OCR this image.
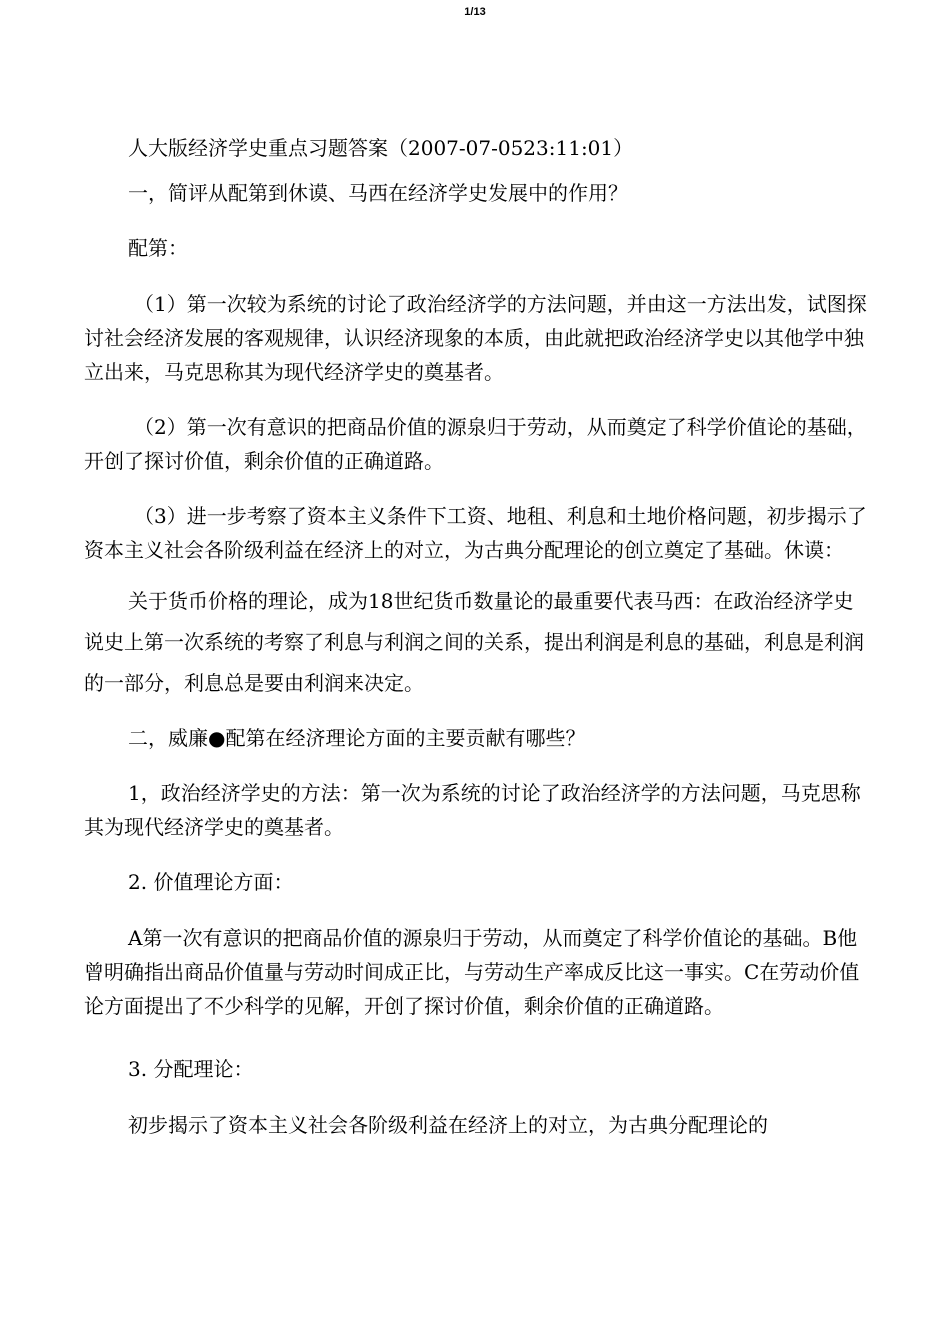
1/13

人大版经济学史重点习题答案（2007-07-0523:11:01）

一，简评从配第到休谟、马西在经济学史发展中的作用？

配第：

（1）第一次较为系统的讨论了政治经济学的方法问题，并由这一方法出发，试图探讨社会经济发展的客观规律，认识经济现象的本质，由此就把政治经济学史以其他学中独立出来，马克思称其为现代经济学史的奠基者。

（2）第一次有意识的把商品价值的源泉归于劳动，从而奠定了科学价值论的基础，开创了探讨价值，剩余价值的正确道路。

（3）进一步考察了资本主义条件下工资、地租、利息和土地价格问题，初步揭示了资本主义社会各阶级利益在经济上的对立，为古典分配理论的创立奠定了基础。休谟：

关于货币价格的理论，成为18世纪货币数量论的最重要代表马西：在政治经济学史说史上第一次系统的考察了利息与利润之间的关系，提出利润是利息的基础，利息是利润的一部分，利息总是要由利润来决定。

二，威廉●配第在经济理论方面的主要贡献有哪些？

1，政治经济学史的方法：第一次为系统的讨论了政治经济学的方法问题，马克思称其为现代经济学史的奠基者。

2. 价值理论方面：

A第一次有意识的把商品价值的源泉归于劳动，从而奠定了科学价值论的基础。B他曾明确指出商品价值量与劳动时间成正比，与劳动生产率成反比这一事实。C在劳动价值论方面提出了不少科学的见解，开创了探讨价值，剩余价值的正确道路。

3. 分配理论：

初步揭示了资本主义社会各阶级利益在经济上的对立，为古典分配理论的
